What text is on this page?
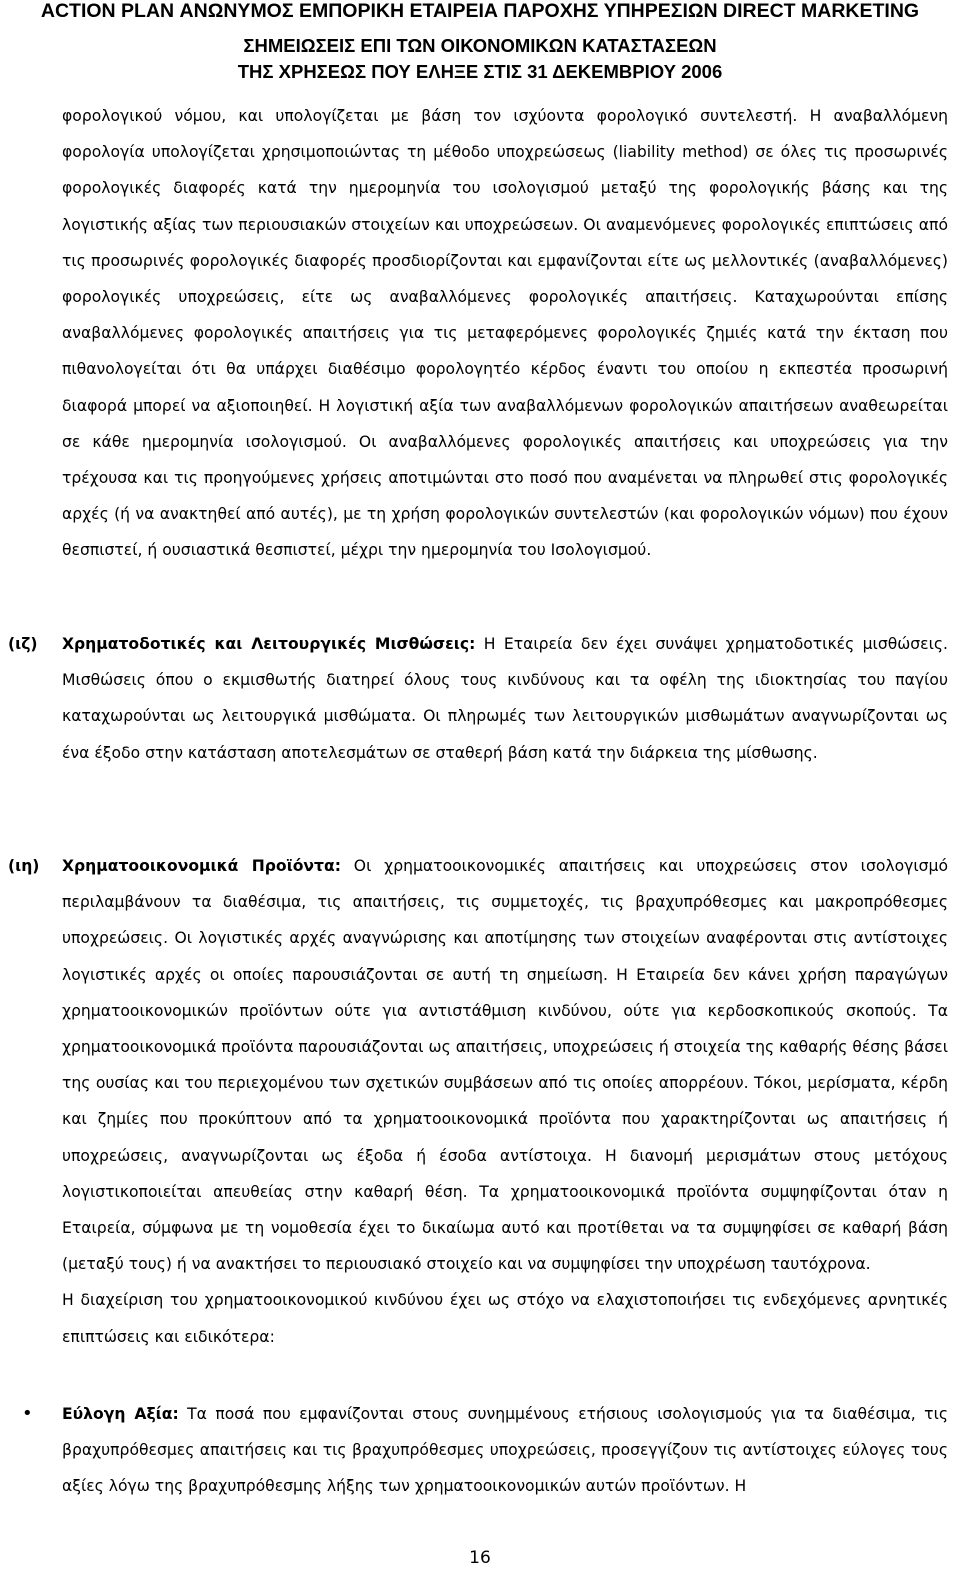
ACTION PLAN ΑΝΩΝΥΜΟΣ ΕΜΠΟΡΙΚΗ ΕΤΑΙΡΕΙΑ ΠΑΡΟΧΗΣ ΥΠΗΡΕΣΙΩΝ DIRECT MARKETING
ΣΗΜΕΙΩΣΕΙΣ ΕΠΙ ΤΩΝ ΟΙΚΟΝΟΜΙΚΩΝ ΚΑΤΑΣΤΑΣΕΩΝ
ΤΗΣ ΧΡΗΣΕΩΣ ΠΟΥ ΕΛΗΞΕ ΣΤΙΣ 31 ΔΕΚΕΜΒΡΙΟΥ 2006
φορολογικού νόμου, και υπολογίζεται με βάση τον ισχύοντα φορολογικό συντελεστή. Η αναβαλλόμενη φορολογία υπολογίζεται χρησιμοποιώντας τη μέθοδο υποχρεώσεως (liability method) σε όλες τις προσωρινές φορολογικές διαφορές κατά την ημερομηνία του ισολογισμού μεταξύ της φορολογικής βάσης και της λογιστικής αξίας των περιουσιακών στοιχείων και υποχρεώσεων. Οι αναμενόμενες φορολογικές επιπτώσεις από τις προσωρινές φορολογικές διαφορές προσδιορίζονται και εμφανίζονται είτε ως μελλοντικές (αναβαλλόμενες) φορολογικές υποχρεώσεις, είτε ως αναβαλλόμενες φορολογικές απαιτήσεις. Καταχωρούνται επίσης αναβαλλόμενες φορολογικές απαιτήσεις για τις μεταφερόμενες φορολογικές ζημιές κατά την έκταση που πιθανολογείται ότι θα υπάρχει διαθέσιμο φορολογητέο κέρδος έναντι του οποίου η εκπεστέα προσωρινή διαφορά μπορεί να αξιοποιηθεί. Η λογιστική αξία των αναβαλλόμενων φορολογικών απαιτήσεων αναθεωρείται σε κάθε ημερομηνία ισολογισμού. Οι αναβαλλόμενες φορολογικές απαιτήσεις και υποχρεώσεις για την τρέχουσα και τις προηγούμενες χρήσεις αποτιμώνται στο ποσό που αναμένεται να πληρωθεί στις φορολογικές αρχές (ή να ανακτηθεί από αυτές), με τη χρήση φορολογικών συντελεστών (και φορολογικών νόμων) που έχουν θεσπιστεί, ή ουσιαστικά θεσπιστεί, μέχρι την ημερομηνία του Ισολογισμού.
(ιζ) Χρηματοδοτικές και Λειτουργικές Μισθώσεις: Η Εταιρεία δεν έχει συνάψει χρηματοδοτικές μισθώσεις. Μισθώσεις όπου ο εκμισθωτής διατηρεί όλους τους κινδύνους και τα οφέλη της ιδιοκτησίας του παγίου καταχωρούνται ως λειτουργικά μισθώματα. Οι πληρωμές των λειτουργικών μισθωμάτων αναγνωρίζονται ως ένα έξοδο στην κατάσταση αποτελεσμάτων σε σταθερή βάση κατά την διάρκεια της μίσθωσης.
(ιη) Χρηματοοικονομικά Προϊόντα: Οι χρηματοοικονομικές απαιτήσεις και υποχρεώσεις στον ισολογισμό περιλαμβάνουν τα διαθέσιμα, τις απαιτήσεις, τις συμμετοχές, τις βραχυπρόθεσμες και μακροπρόθεσμες υποχρεώσεις. Οι λογιστικές αρχές αναγνώρισης και αποτίμησης των στοιχείων αναφέρονται στις αντίστοιχες λογιστικές αρχές οι οποίες παρουσιάζονται σε αυτή τη σημείωση. Η Εταιρεία δεν κάνει χρήση παραγώγων χρηματοοικονομικών προϊόντων ούτε για αντιστάθμιση κινδύνου, ούτε για κερδοσκοπικούς σκοπούς. Τα χρηματοοικονομικά προϊόντα παρουσιάζονται ως απαιτήσεις, υποχρεώσεις ή στοιχεία της καθαρής θέσης βάσει της ουσίας και του περιεχομένου των σχετικών συμβάσεων από τις οποίες απορρέουν. Τόκοι, μερίσματα, κέρδη και ζημίες που προκύπτουν από τα χρηματοοικονομικά προϊόντα που χαρακτηρίζονται ως απαιτήσεις ή υποχρεώσεις, αναγνωρίζονται ως έξοδα ή έσοδα αντίστοιχα. Η διανομή μερισμάτων στους μετόχους λογιστικοποιείται απευθείας στην καθαρή θέση. Τα χρηματοοικονομικά προϊόντα συμψηφίζονται όταν η Εταιρεία, σύμφωνα με τη νομοθεσία έχει το δικαίωμα αυτό και προτίθεται να τα συμψηφίσει σε καθαρή βάση (μεταξύ τους) ή να ανακτήσει το περιουσιακό στοιχείο και να συμψηφίσει την υποχρέωση ταυτόχρονα.
Η διαχείριση του χρηματοοικονομικού κινδύνου έχει ως στόχο να ελαχιστοποιήσει τις ενδεχόμενες αρνητικές επιπτώσεις και ειδικότερα:
• Εύλογη Αξία: Τα ποσά που εμφανίζονται στους συνημμένους ετήσιους ισολογισμούς για τα διαθέσιμα, τις βραχυπρόθεσμες απαιτήσεις και τις βραχυπρόθεσμες υποχρεώσεις, προσεγγίζουν τις αντίστοιχες εύλογες τους αξίες λόγω της βραχυπρόθεσμης λήξης των χρηματοοικονομικών αυτών προϊόντων. Η
16
